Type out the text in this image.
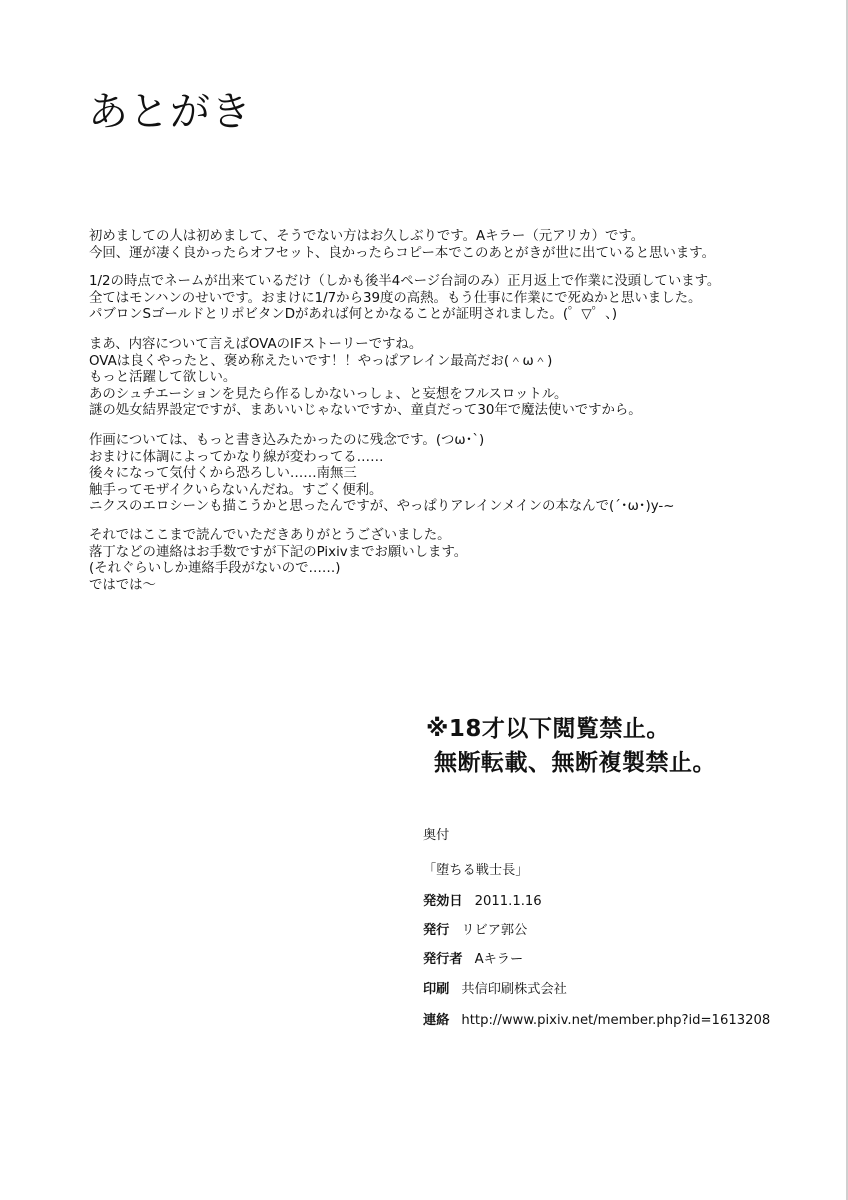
あとがき
初めましての人は初めまして、そうでない方はお久しぶりです。Aキラー（元アリカ）です。
今回、運が凄く良かったらオフセット、良かったらコピー本でこのあとがきが世に出ていると思います。
1/2の時点でネームが出来ているだけ（しかも後半4ページ台詞のみ）正月返上で作業に没頭しています。
全てはモンハンのせいです。おまけに1/7から39度の高熱。もう仕事に作業にで死ぬかと思いました。
パブロンSゴールドとリポビタンDがあれば何とかなることが証明されました。(゜▽゜、)
まあ、内容について言えばOVAのIFストーリーですね。
OVAは良くやったと、褒め称えたいです！！やっぱアレイン最高だお(＾ω＾)
もっと活躍して欲しい。
あのシュチエーションを見たら作るしかないっしょ、と妄想をフルスロットル。
謎の処女結界設定ですが、まあいいじゃないですか、童貞だって30年で魔法使いですから。
作画については、もっと書き込みたかったのに残念です。(つω･`)
おまけに体調によってかなり線が変わってる……
後々になって気付くから恐ろしい……南無三
触手ってモザイクいらないんだね。すごく便利。
ニクスのエロシーンも描こうかと思ったんですが、やっぱりアレインメインの本なんで(´･ω･)y-~
それではここまで読んでいただきありがとうございました。
落丁などの連絡はお手数ですが下記のPixivまでお願いします。
(それぐらいしか連絡手段がないので……)
ではでは～
※18才以下閲覧禁止。
無断転載、無断複製禁止。
奥付
「堕ちる戦士長」
発効日 2011.1.16
発行 リビア郭公
発行者 Aキラー
印刷 共信印刷株式会社
連絡 http://www.pixiv.net/member.php?id=1613208
